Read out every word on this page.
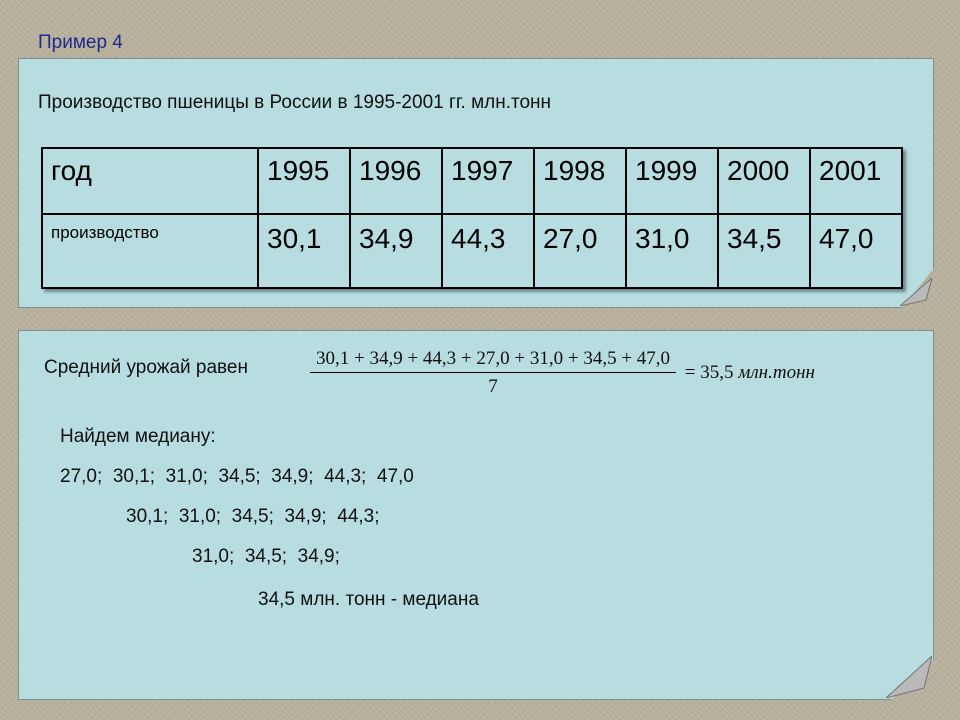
Пример 4
Производство пшеницы в России в 1995-2001 гг. млн.тонн
год	1995	1996	1997	1998	1999	2000	2001
производство	30,1	34,9	44,3	27,0	31,0	34,5	47,0
Средний урожай равен	$\frac{30,1 + 34,9 + 44,3 + 27,0 + 31,0 + 34,5 + 47,0}{7} = 35,5$ млн.тонн
Найдем медиану:
27,0;  30,1;  31,0;  34,5;  34,9;  44,3;  47,0
30,1;  31,0;  34,5;  34,9;  44,3;
31,0;  34,5;  34,9;
34,5 млн. тонн - медиана
